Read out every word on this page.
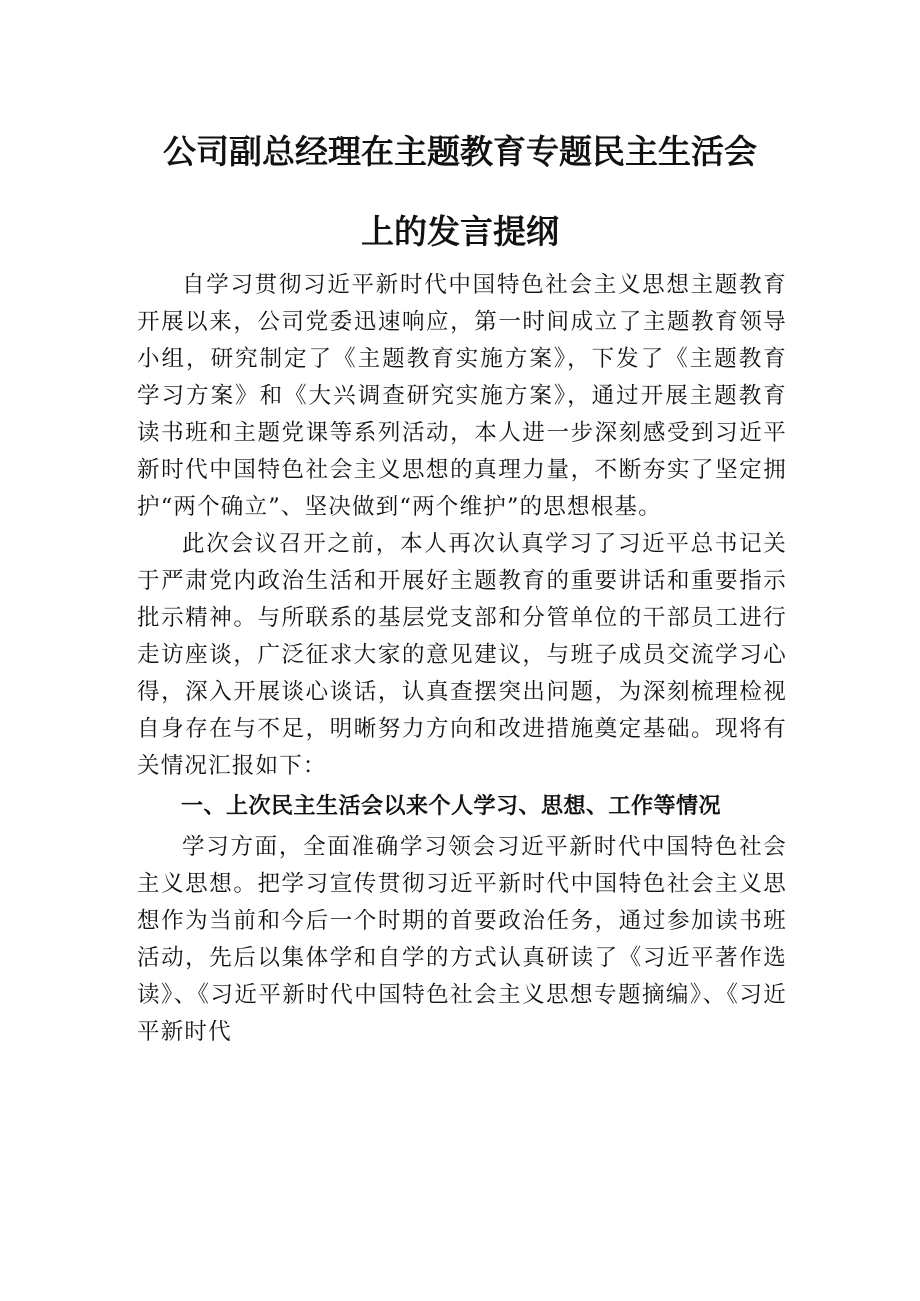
公司副总经理在主题教育专题民主生活会
上的发言提纲

自学习贯彻习近平新时代中国特色社会主义思想主题教育开展以来，公司党委迅速响应，第一时间成立了主题教育领导小组，研究制定了《主题教育实施方案》，下发了《主题教育学习方案》和《大兴调查研究实施方案》，通过开展主题教育读书班和主题党课等系列活动，本人进一步深刻感受到习近平新时代中国特色社会主义思想的真理力量，不断夯实了坚定拥护“两个确立”、坚决做到“两个维护”的思想根基。

此次会议召开之前，本人再次认真学习了习近平总书记关于严肃党内政治生活和开展好主题教育的重要讲话和重要指示批示精神。与所联系的基层党支部和分管单位的干部员工进行走访座谈，广泛征求大家的意见建议，与班子成员交流学习心得，深入开展谈心谈话，认真查摆突出问题，为深刻梳理检视自身存在与不足，明晰努力方向和改进措施奠定基础。现将有关情况汇报如下：

一、上次民主生活会以来个人学习、思想、工作等情况

学习方面，全面准确学习领会习近平新时代中国特色社会主义思想。把学习宣传贯彻习近平新时代中国特色社会主义思想作为当前和今后一个时期的首要政治任务，通过参加读书班活动，先后以集体学和自学的方式认真研读了《习近平著作选读》、《习近平新时代中国特色社会主义思想专题摘编》、《习近平新时代
